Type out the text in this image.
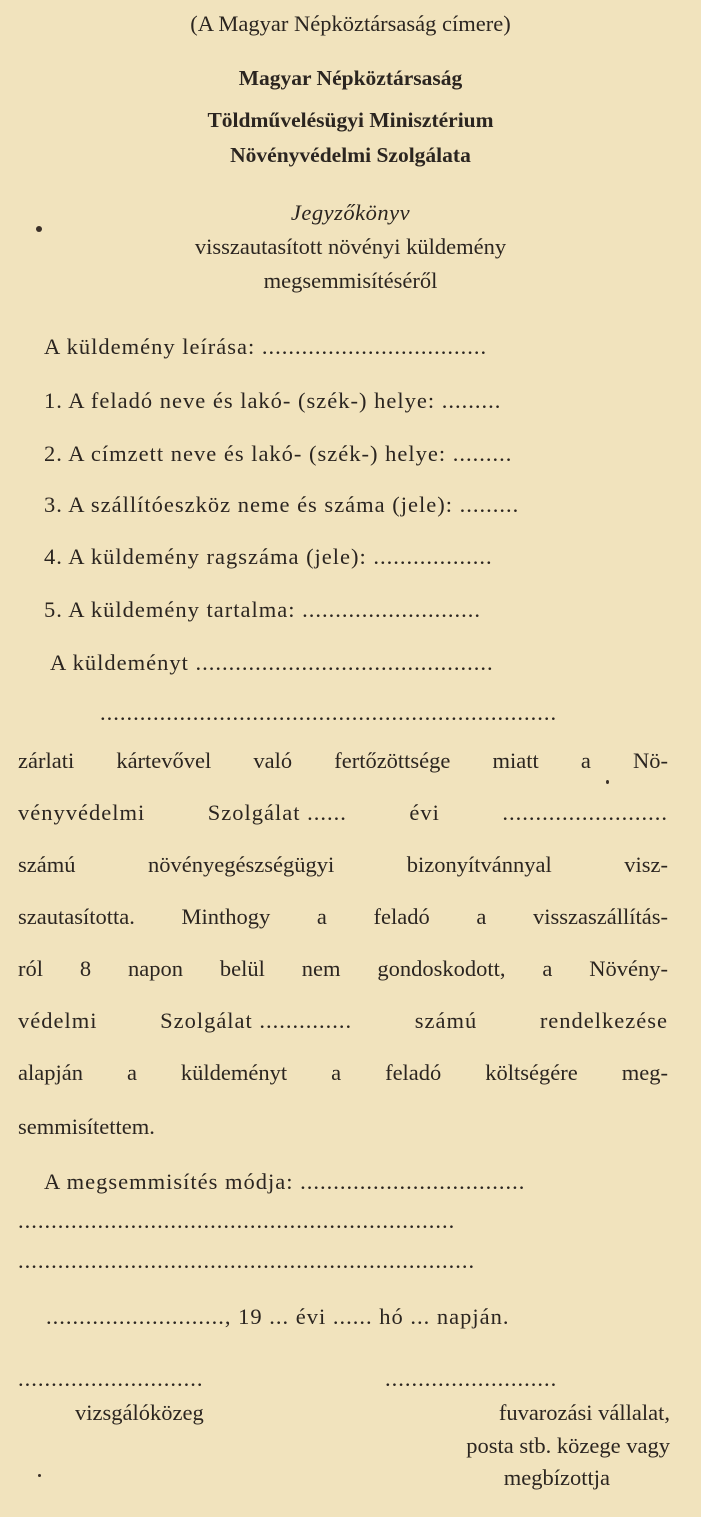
(A Magyar Népköztársaság címere)
Magyar Népköztársaság
Töldművelésügyi Minisztérium
Növényvédelmi Szolgálata
Jegyzőkönyv
visszautasított növényi küldemény
megsemmisítéséről
A küldemény leírása: ..................................
1. A feladó neve és lakó- (szék-) helye: .........
2. A címzett neve és lakó- (szék-) helye: .........
3. A szállítóeszköz neme és száma (jele): .........
4. A küldemény ragszáma (jele): ..................
5. A küldemény tartalma: ...........................
A küldeményt .............................................
.....................................................................
zárlati kártevővel való fertőzöttsége miatt a Nö-
vényvédelmi	Szolgálat ......	évi	.........................
számú	növényegészségügyi	bizonyítvánnyal	visz-
szautasította. Minthogy a feladó a visszaszállítás-
ról 8 napon belül nem gondoskodott, a Növény-
védelmi	Szolgálat ..............	számú	rendelkezése
alapján a küldeményt a feladó költségére meg-
semmisítettem.
A megsemmisítés módja: ..................................
..................................................................
.....................................................................
..........................., 19 ... évi ...... hó ... napján.
............................	..........................
vizsgálóközeg	fuvarozási vállalat,
posta stb. közege vagy
megbízottja
